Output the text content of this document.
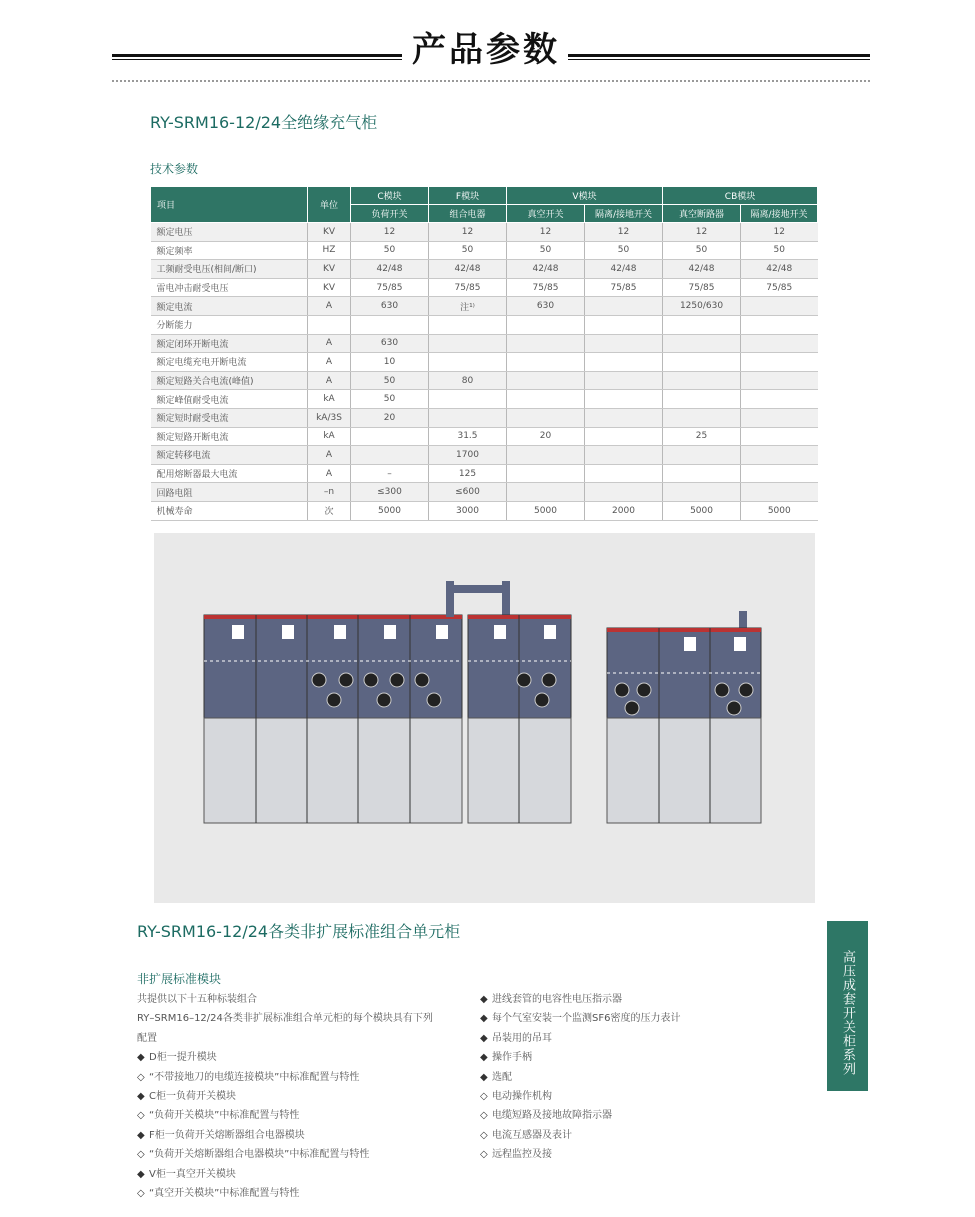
产品参数
RY-SRM16-12/24全绝缘充气柜
技术参数
项目	单位	C模块	F模块	V模块		CB模块	
		负荷开关	组合电器	真空开关	隔离/接地开关	真空断路器	隔离/接地开关
额定电压	KV	12	12	12	12	12	12
额定频率	HZ	50	50	50	50	50	50
工频耐受电压(相间/断口)	KV	42/48	42/48	42/48	42/48	42/48	42/48
雷电冲击耐受电压	KV	75/85	75/85	75/85	75/85	75/85	75/85
额定电流	A	630	注¹⁾	630		1250/630	
分断能力							
额定闭环开断电流	A	630					
额定电缆充电开断电流	A	10					
额定短路关合电流(峰值)	A	50	80				
额定峰值耐受电流	kA	50					
额定短时耐受电流	kA/3S	20					
额定短路开断电流	kA		31.5	20		25	
额定转移电流	A		1700				
配用熔断器最大电流	A	–	125				
回路电阻	–n	≤300	≤600				
机械寿命	次	5000	3000	5000	2000	5000	5000
RY-SRM16-12/24各类非扩展标准组合单元柜
非扩展标准模块	高压成套开关柜系列
共提供以下十五种标装组合
RY–SRM16–12/24各类非扩展标准组合单元柜的每个模块具有下列
配置
◆ D柜一提升模块
◇ “不带接地刀的电缆连接模块”中标准配置与特性
◆ C柜一负荷开关模块
◇ “负荷开关模块”中标准配置与特性
◆ F柜一负荷开关熔断器组合电器模块
◇ “负荷开关熔断器组合电器模块”中标准配置与特性
◆ V柜一真空开关模块
◇ “真空开关模块”中标准配置与特性
◆ 进线套管的电容性电压指示器
◆ 每个气室安装一个监测SF6密度的压力表计
◆ 吊装用的吊耳
◆ 操作手柄
◆ 选配
◇ 电动操作机构
◇ 电缆短路及接地故障指示器
◇ 电流互感器及表计
◇ 远程监控及接
